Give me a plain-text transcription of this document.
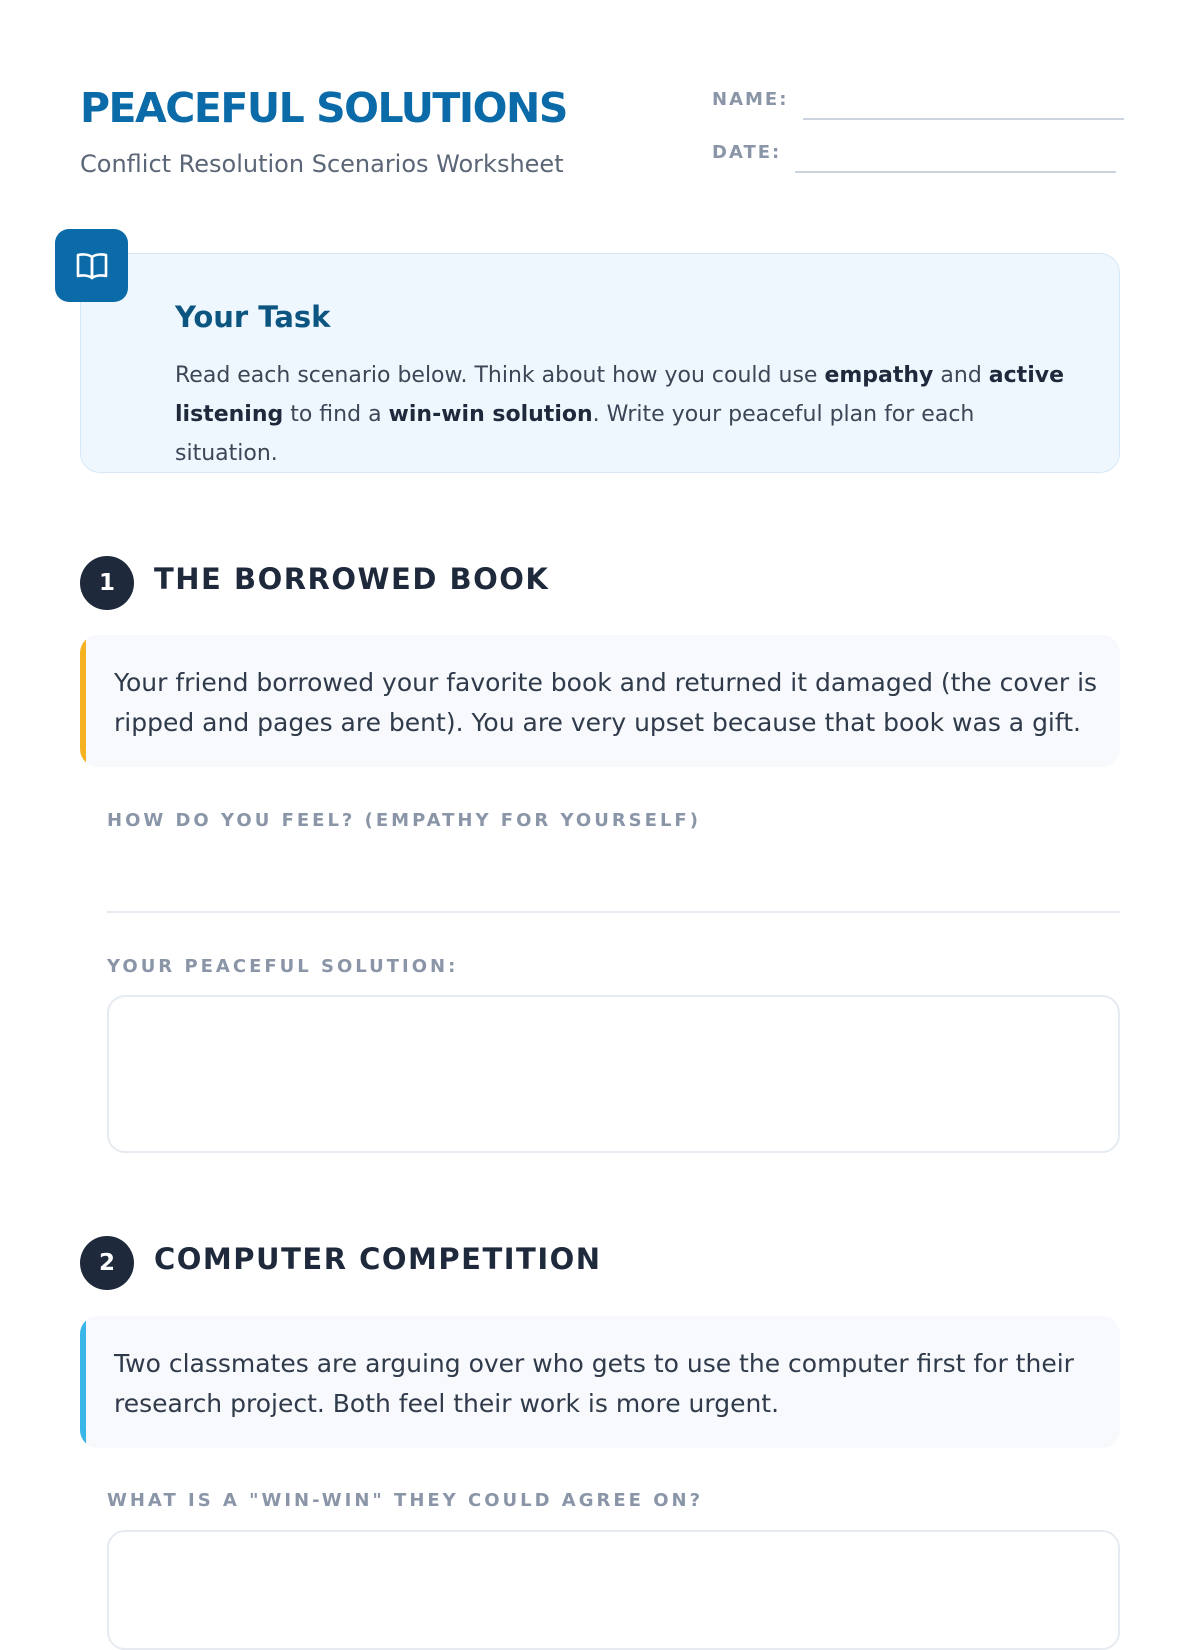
PEACEFUL SOLUTIONS

Conflict Resolution Scenarios Worksheet

NAME:
DATE:
Your Task

Read each scenario below. Think about how you could use empathy and active listening to find a win-win solution. Write your peaceful plan for each situation.

1	THE BORROWED BOOK

Your friend borrowed your favorite book and returned it damaged (the cover is ripped and pages are bent). You are very upset because that book was a gift.

HOW DO YOU FEEL? (EMPATHY FOR YOURSELF)

YOUR PEACEFUL SOLUTION:

2	COMPUTER COMPETITION

Two classmates are arguing over who gets to use the computer first for their research project. Both feel their work is more urgent.

WHAT IS A "WIN-WIN" THEY COULD AGREE ON?
